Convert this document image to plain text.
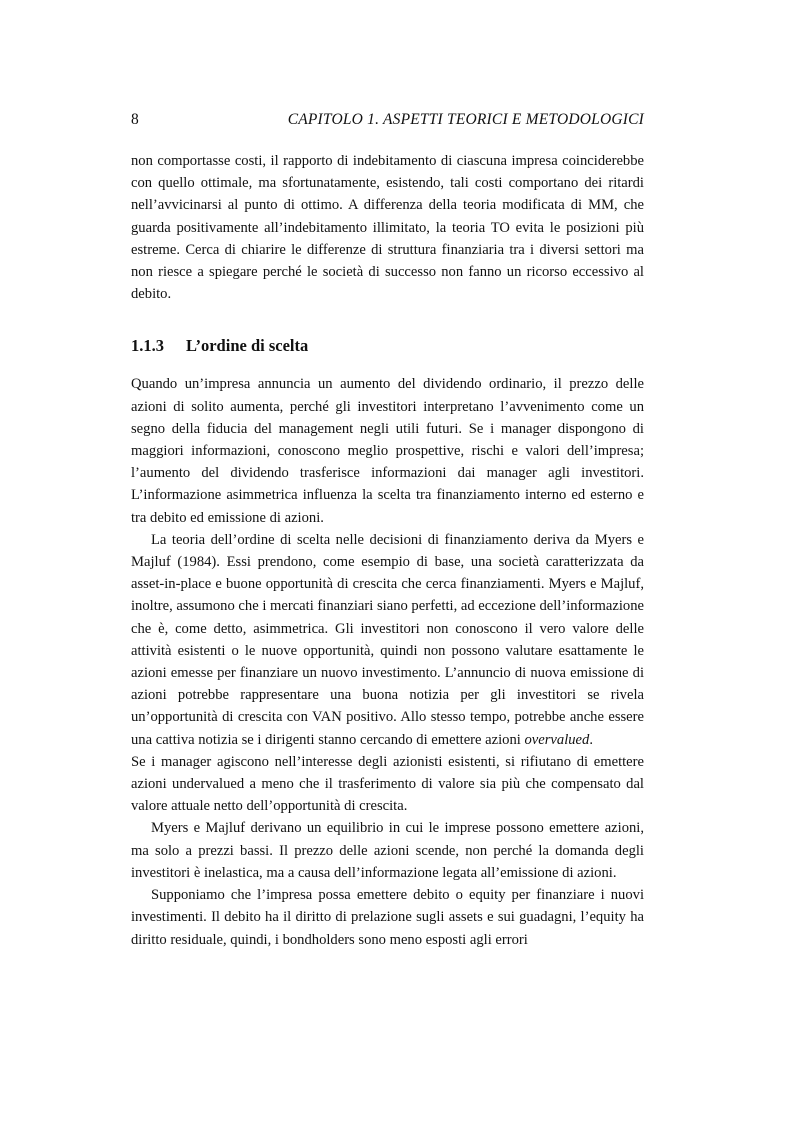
8	CAPITOLO 1. ASPETTI TEORICI E METODOLOGICI

non comportasse costi, il rapporto di indebitamento di ciascuna impresa coinciderebbe con quello ottimale, ma sfortunatamente, esistendo, tali costi comportano dei ritardi nell’avvicinarsi al punto di ottimo. A differenza della teoria modificata di MM, che guarda positivamente all’indebitamento illimitato, la teoria TO evita le posizioni più estreme. Cerca di chiarire le differenze di struttura finanziaria tra i diversi settori ma non riesce a spiegare perché le società di successo non fanno un ricorso eccessivo al debito.

1.1.3 L’ordine di scelta

Quando un’impresa annuncia un aumento del dividendo ordinario, il prezzo delle azioni di solito aumenta, perché gli investitori interpretano l’avvenimento come un segno della fiducia del management negli utili futuri. Se i manager dispongono di maggiori informazioni, conoscono meglio prospettive, rischi e valori dell’impresa; l’aumento del dividendo trasferisce informazioni dai manager agli investitori. L’informazione asimmetrica influenza la scelta tra finanziamento interno ed esterno e tra debito ed emissione di azioni.

La teoria dell’ordine di scelta nelle decisioni di finanziamento deriva da Myers e Majluf (1984). Essi prendono, come esempio di base, una società caratterizzata da asset-in-place e buone opportunità di crescita che cerca finanziamenti. Myers e Majluf, inoltre, assumono che i mercati finanziari siano perfetti, ad eccezione dell’informazione che è, come detto, asimmetrica. Gli investitori non conoscono il vero valore delle attività esistenti o le nuove opportunità, quindi non possono valutare esattamente le azioni emesse per finanziare un nuovo investimento. L’annuncio di nuova emissione di azioni potrebbe rappresentare una buona notizia per gli investitori se rivela un’opportunità di crescita con VAN positivo. Allo stesso tempo, potrebbe anche essere una cattiva notizia se i dirigenti stanno cercando di emettere azioni overvalued.

Se i manager agiscono nell’interesse degli azionisti esistenti, si rifiutano di emettere azioni undervalued a meno che il trasferimento di valore sia più che compensato dal valore attuale netto dell’opportunità di crescita.

Myers e Majluf derivano un equilibrio in cui le imprese possono emettere azioni, ma solo a prezzi bassi. Il prezzo delle azioni scende, non perché la domanda degli investitori è inelastica, ma a causa dell’informazione legata all’emissione di azioni.

Supponiamo che l’impresa possa emettere debito o equity per finanziare i nuovi investimenti. Il debito ha il diritto di prelazione sugli assets e sui guadagni, l’equity ha diritto residuale, quindi, i bondholders sono meno esposti agli errori
